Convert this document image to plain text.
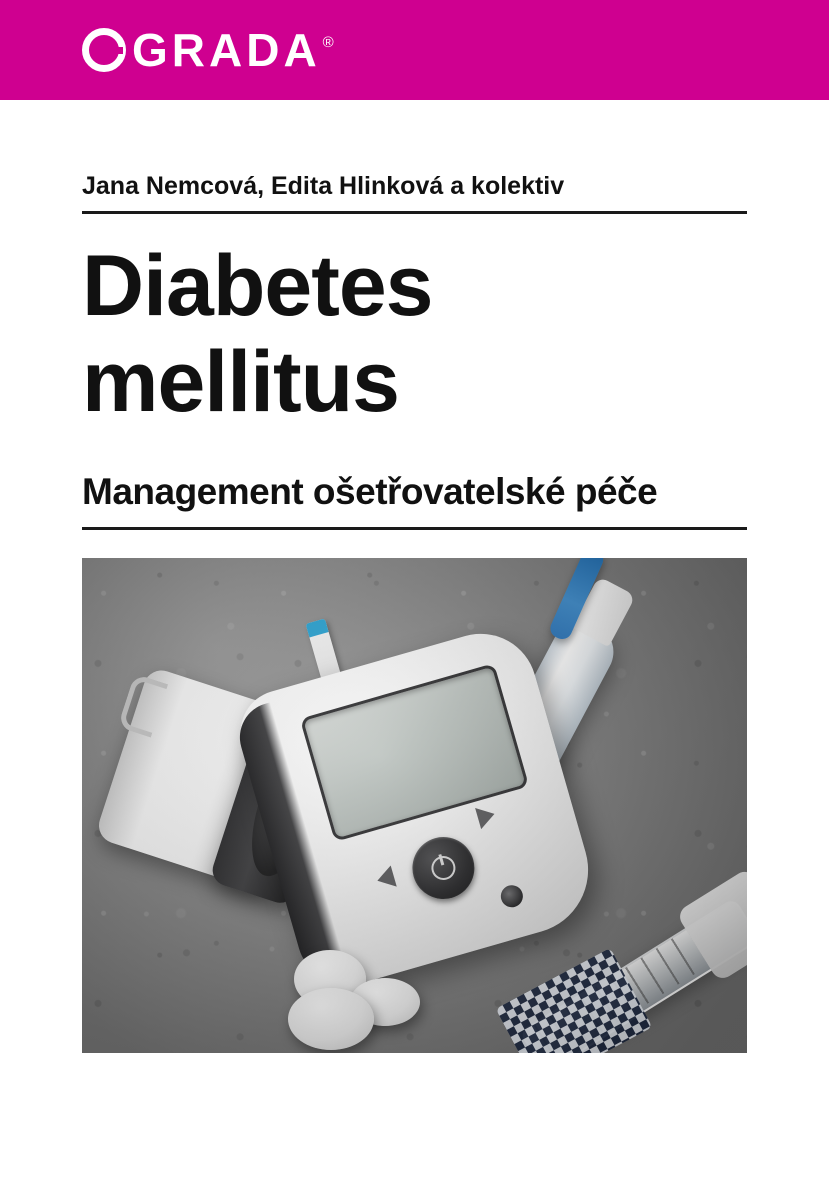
GRADA ®
Jana Nemcová, Edita Hlinková a kolektiv
Diabetes
mellitus
Management ošetřovatelské péče
